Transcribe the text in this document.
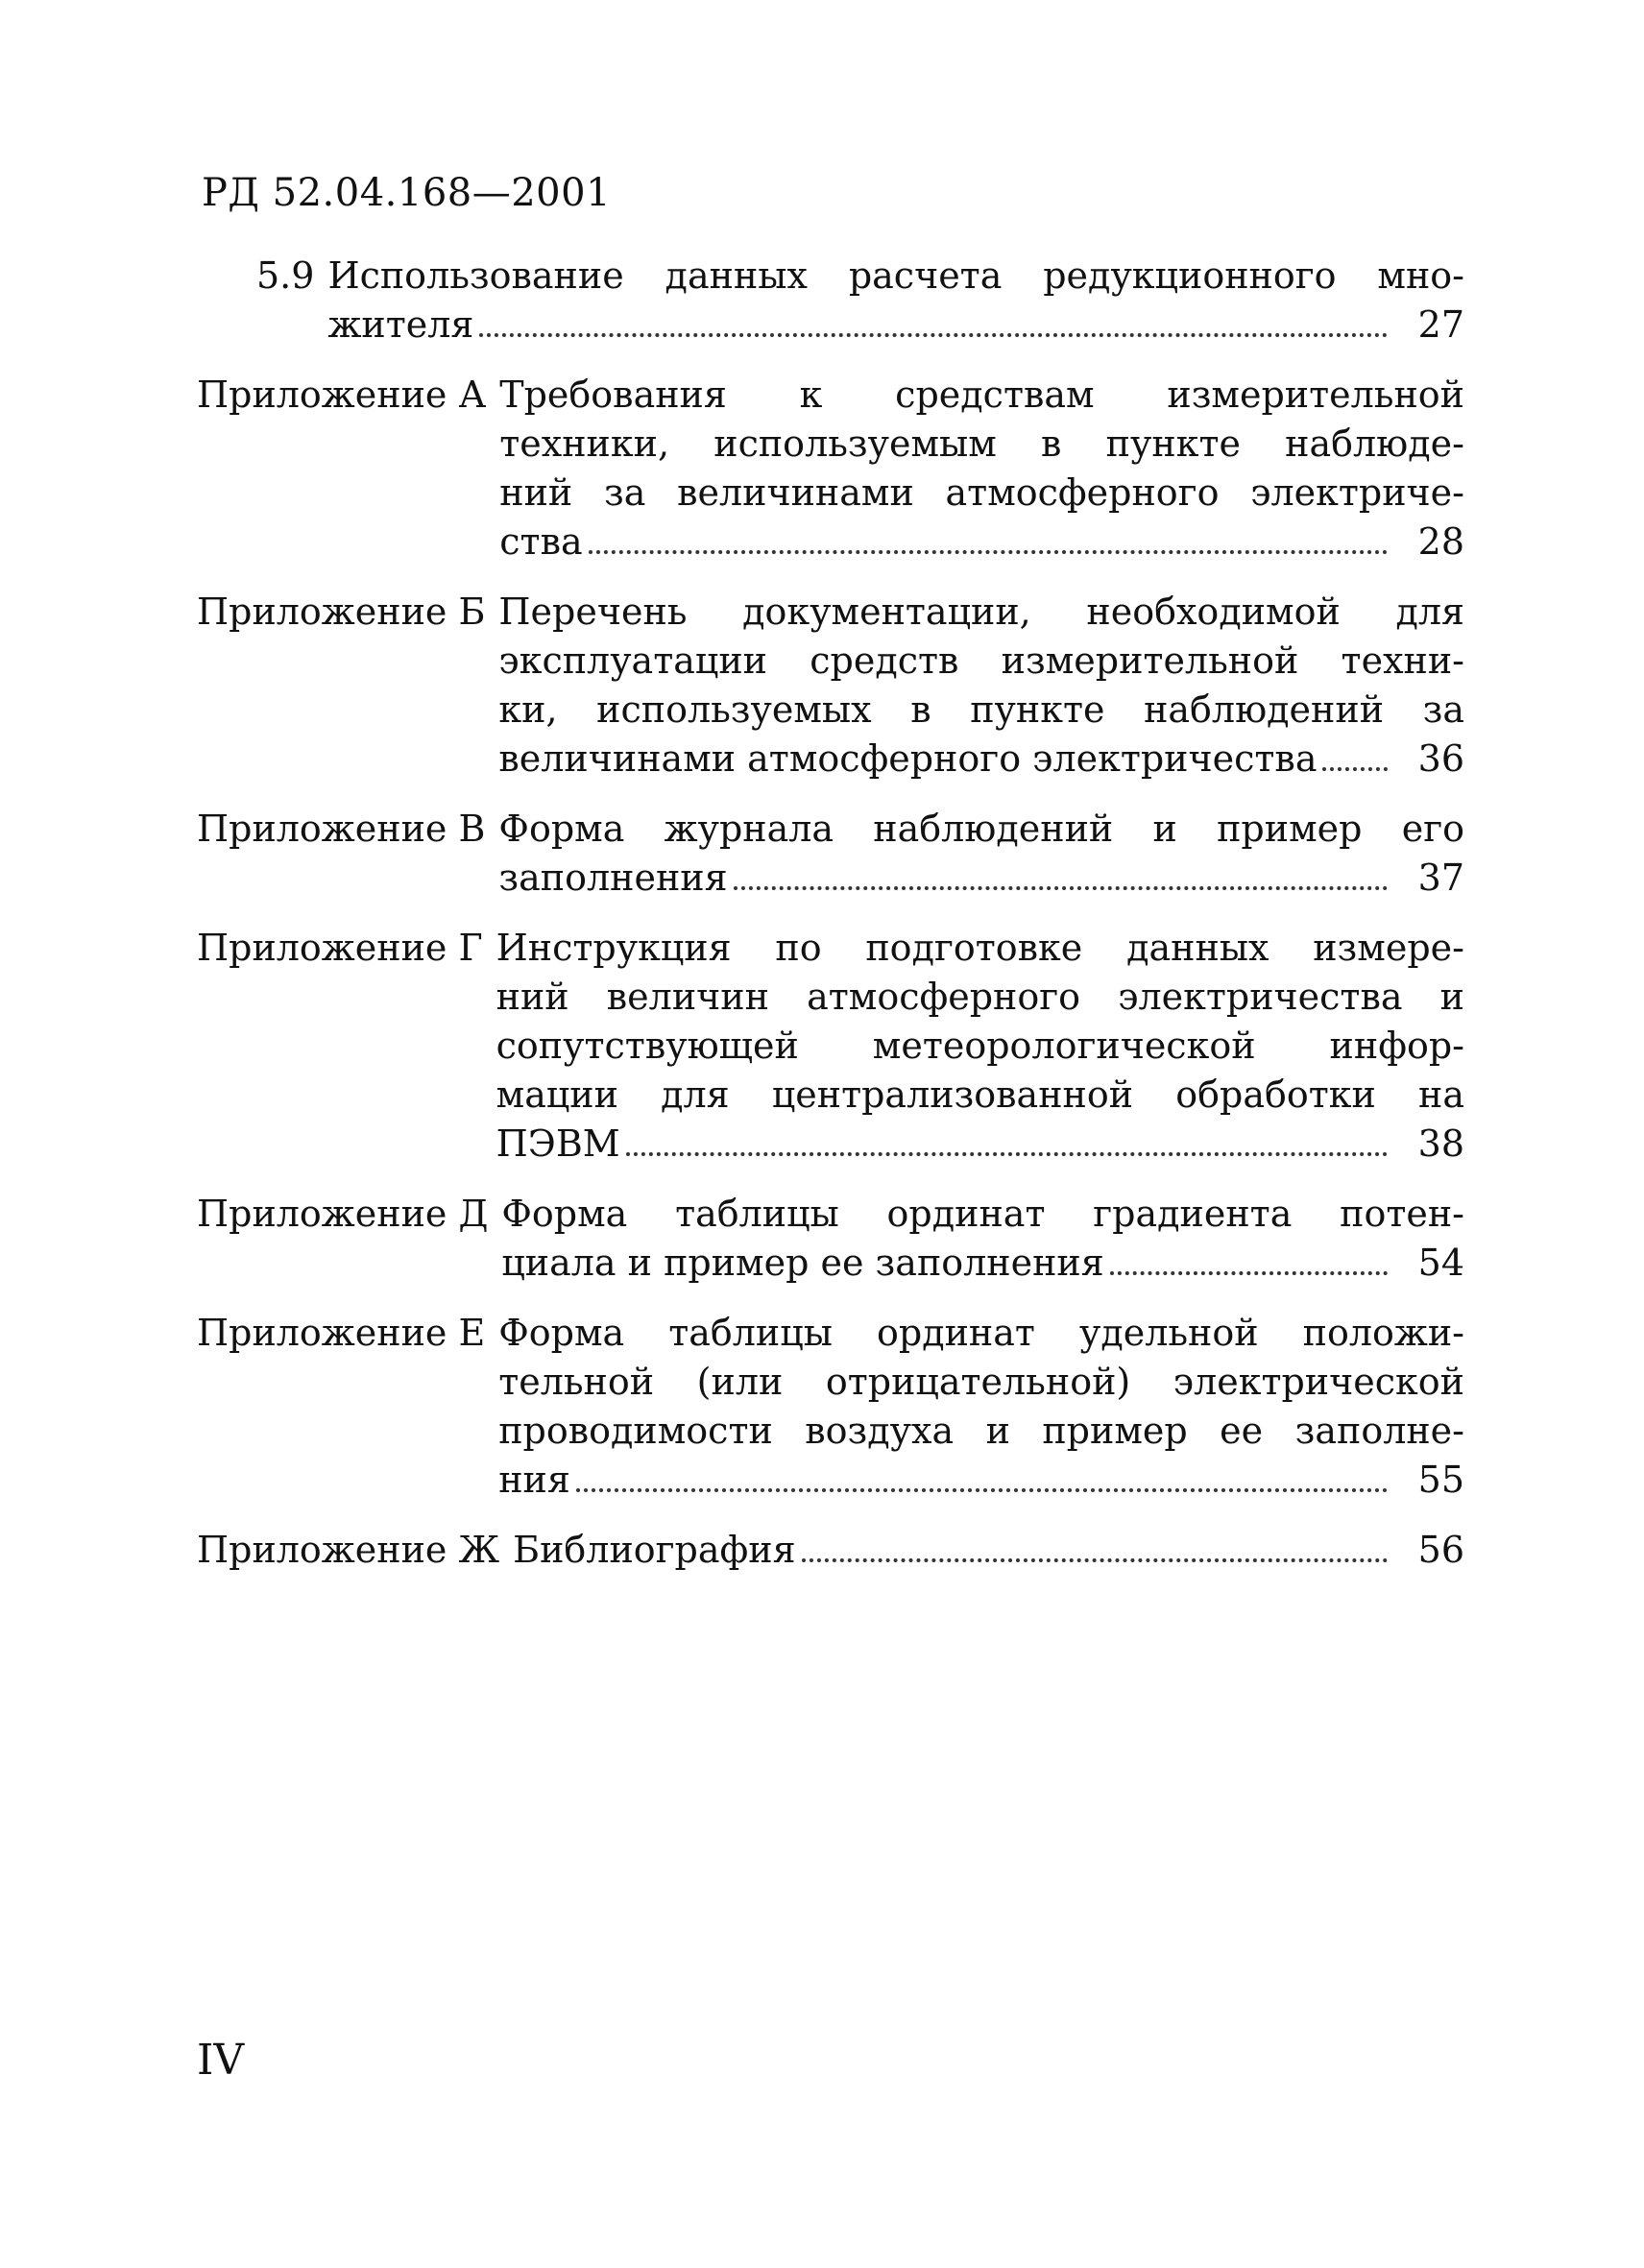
РД 52.04.168—2001
5.9 Использование данных расчета редукционного мно-
жителя	27
Приложение А Требования к средствам измерительной
техники, используемым в пункте наблюде-
ний за величинами атмосферного электриче-
ства	28
Приложение Б Перечень документации, необходимой для
эксплуатации средств измерительной техни-
ки, используемых в пункте наблюдений за
величинами атмосферного электричества	36
Приложение В Форма журнала наблюдений и пример его
заполнения	37
Приложение Г Инструкция по подготовке данных измере-
ний величин атмосферного электричества и
сопутствующей метеорологической инфор-
мации для централизованной обработки на
ПЭВМ	38
Приложение Д Форма таблицы ординат градиента потен-
циала и пример ее заполнения	54
Приложение Е Форма таблицы ординат удельной положи-
тельной (или отрицательной) электрической
проводимости воздуха и пример ее заполне-
ния	55
Приложение Ж Библиография	56
IV
